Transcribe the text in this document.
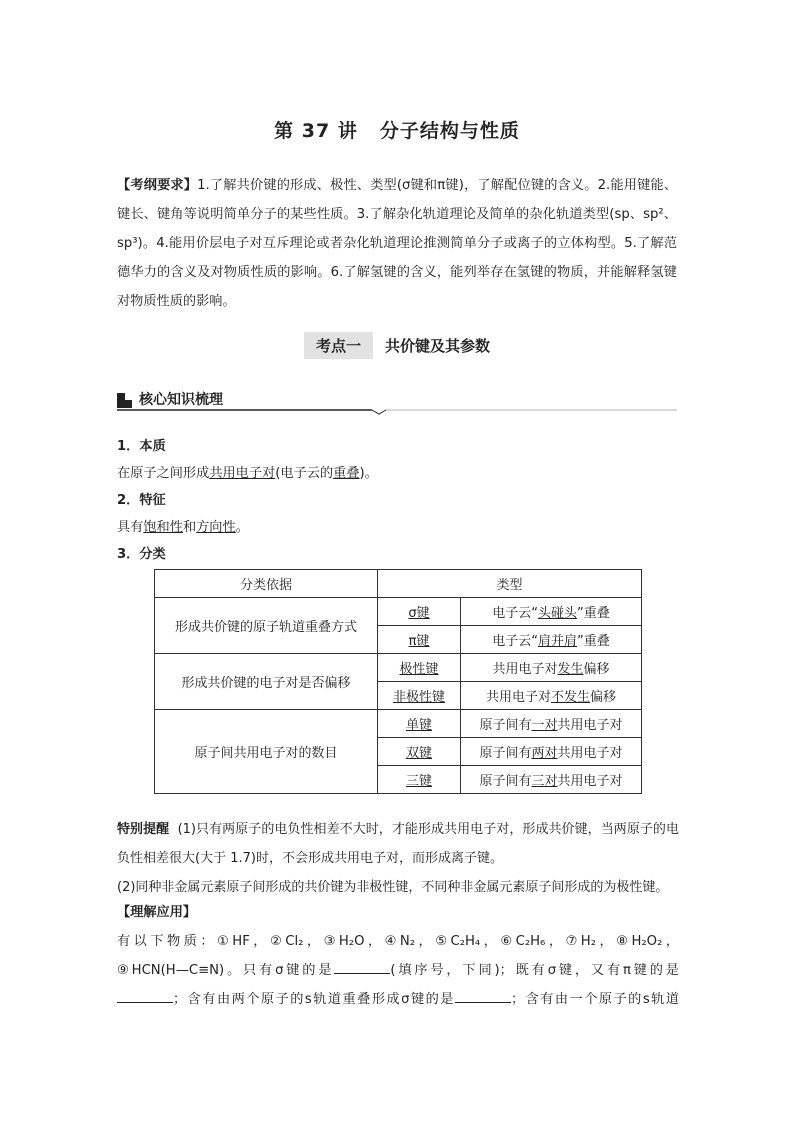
第 37 讲 分子结构与性质
【考纲要求】1.了解共价键的形成、极性、类型(σ键和π键)，了解配位键的含义。2.能用键能、键长、键角等说明简单分子的某些性质。3.了解杂化轨道理论及简单的杂化轨道类型(sp、sp²、sp³)。4.能用价层电子对互斥理论或者杂化轨道理论推测简单分子或离子的立体构型。5.了解范德华力的含义及对物质性质的影响。6.了解氢键的含义，能列举存在氢键的物质，并能解释氢键对物质性质的影响。
考点一 共价键及其参数
核心知识梳理
1．本质
在原子之间形成共用电子对(电子云的重叠)。
2．特征
具有饱和性和方向性。
3．分类
分类依据	类型	
形成共价键的原子轨道重叠方式	σ键	电子云“头碰头”重叠
	π键	电子云“肩并肩”重叠
形成共价键的电子对是否偏移	极性键	共用电子对发生偏移
	非极性键	共用电子对不发生偏移
原子间共用电子对的数目	单键	原子间有一对共用电子对
	双键	原子间有两对共用电子对
	三键	原子间有三对共用电子对
特别提醒 (1)只有两原子的电负性相差不大时，才能形成共用电子对，形成共价键，当两原子的电负性相差很大(大于 1.7)时，不会形成共用电子对，而形成离子键。
(2)同种非金属元素原子间形成的共价键为非极性键，不同种非金属元素原子间形成的为极性键。
【理解应用】
有以下物质：①HF，②Cl₂，③H₂O，④N₂，⑤C₂H₄，⑥C₂H₆，⑦H₂，⑧H₂O₂，
⑨HCN(H—C≡N)。只有σ键的是	(填序号，下同)；既有σ键，又有π键的是
；含有由两个原子的s轨道重叠形成σ键的是	；含有由一个原子的s轨道
